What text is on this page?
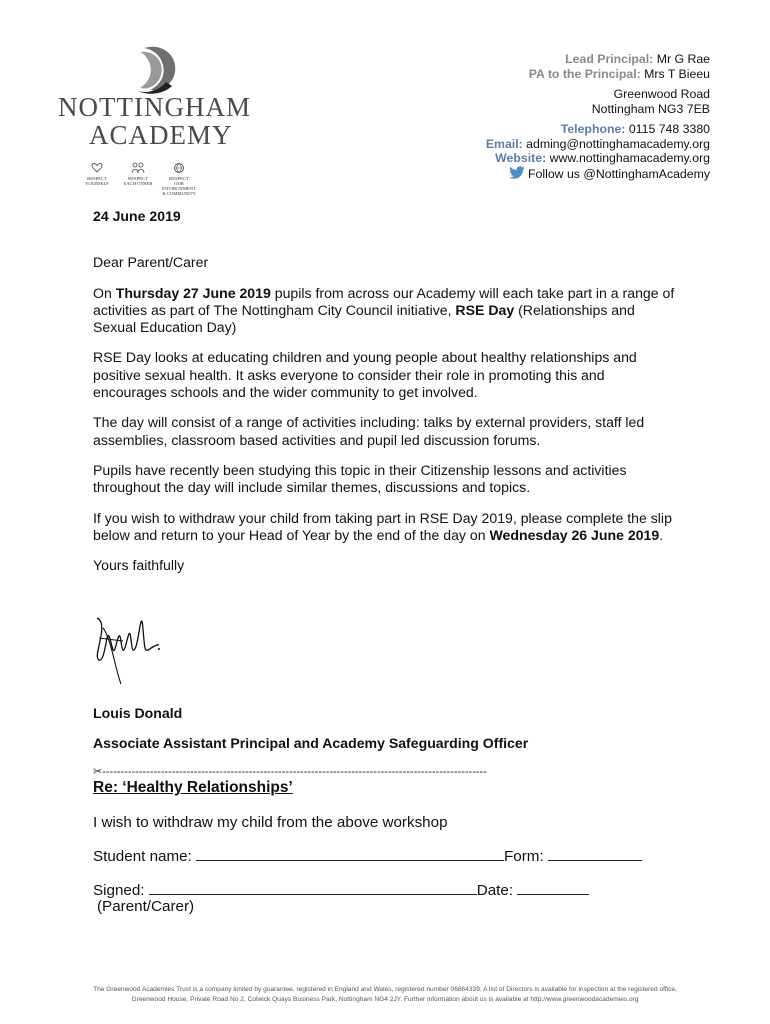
NOTTINGHAM
ACADEMY
RESPECT
YOURSELF
RESPECT
EACH OTHER
RESPECT
OUR ENVIRONMENT
& COMMUNITY
Lead Principal: Mr G Rae
PA to the Principal: Mrs T Bieeu
Greenwood Road
Nottingham NG3 7EB
Telephone: 0115 748 3380
Email: adming@nottinghamacademy.org
Website: www.nottinghamacademy.org
Follow us @NottinghamAcademy

24 June 2019

Dear Parent/Carer

On Thursday 27 June 2019 pupils from across our Academy will each take part in a range of activities as part of The Nottingham City Council initiative, RSE Day (Relationships and Sexual Education Day)

RSE Day looks at educating children and young people about healthy relationships and positive sexual health. It asks everyone to consider their role in promoting this and encourages schools and the wider community to get involved.

The day will consist of a range of activities including: talks by external providers, staff led assemblies, classroom based activities and pupil led discussion forums.

Pupils have recently been studying this topic in their Citizenship lessons and activities throughout the day will include similar themes, discussions and topics.

If you wish to withdraw your child from taking part in RSE Day 2019, please complete the slip below and return to your Head of Year by the end of the day on Wednesday 26 June 2019.

Yours faithfully

Louis Donald
Associate Assistant Principal and Academy Safeguarding Officer
✂---------------------------------------------------------------------------------------------------------
Re: ‘Healthy Relationships’
I wish to withdraw my child from the above workshop
Student name:	Form:
Signed:	Date:
(Parent/Carer)
The Greenwood Academies Trust is a company limited by guarantee, registered in England and Wales, registered number 06864339. A list of Directors is available for inspection at the registered office,
Greenwood House, Private Road No 2, Colwick Quays Business Park, Nottingham NG4 2JY. Further information about us is available at http://www.greenwoodacademies.org
